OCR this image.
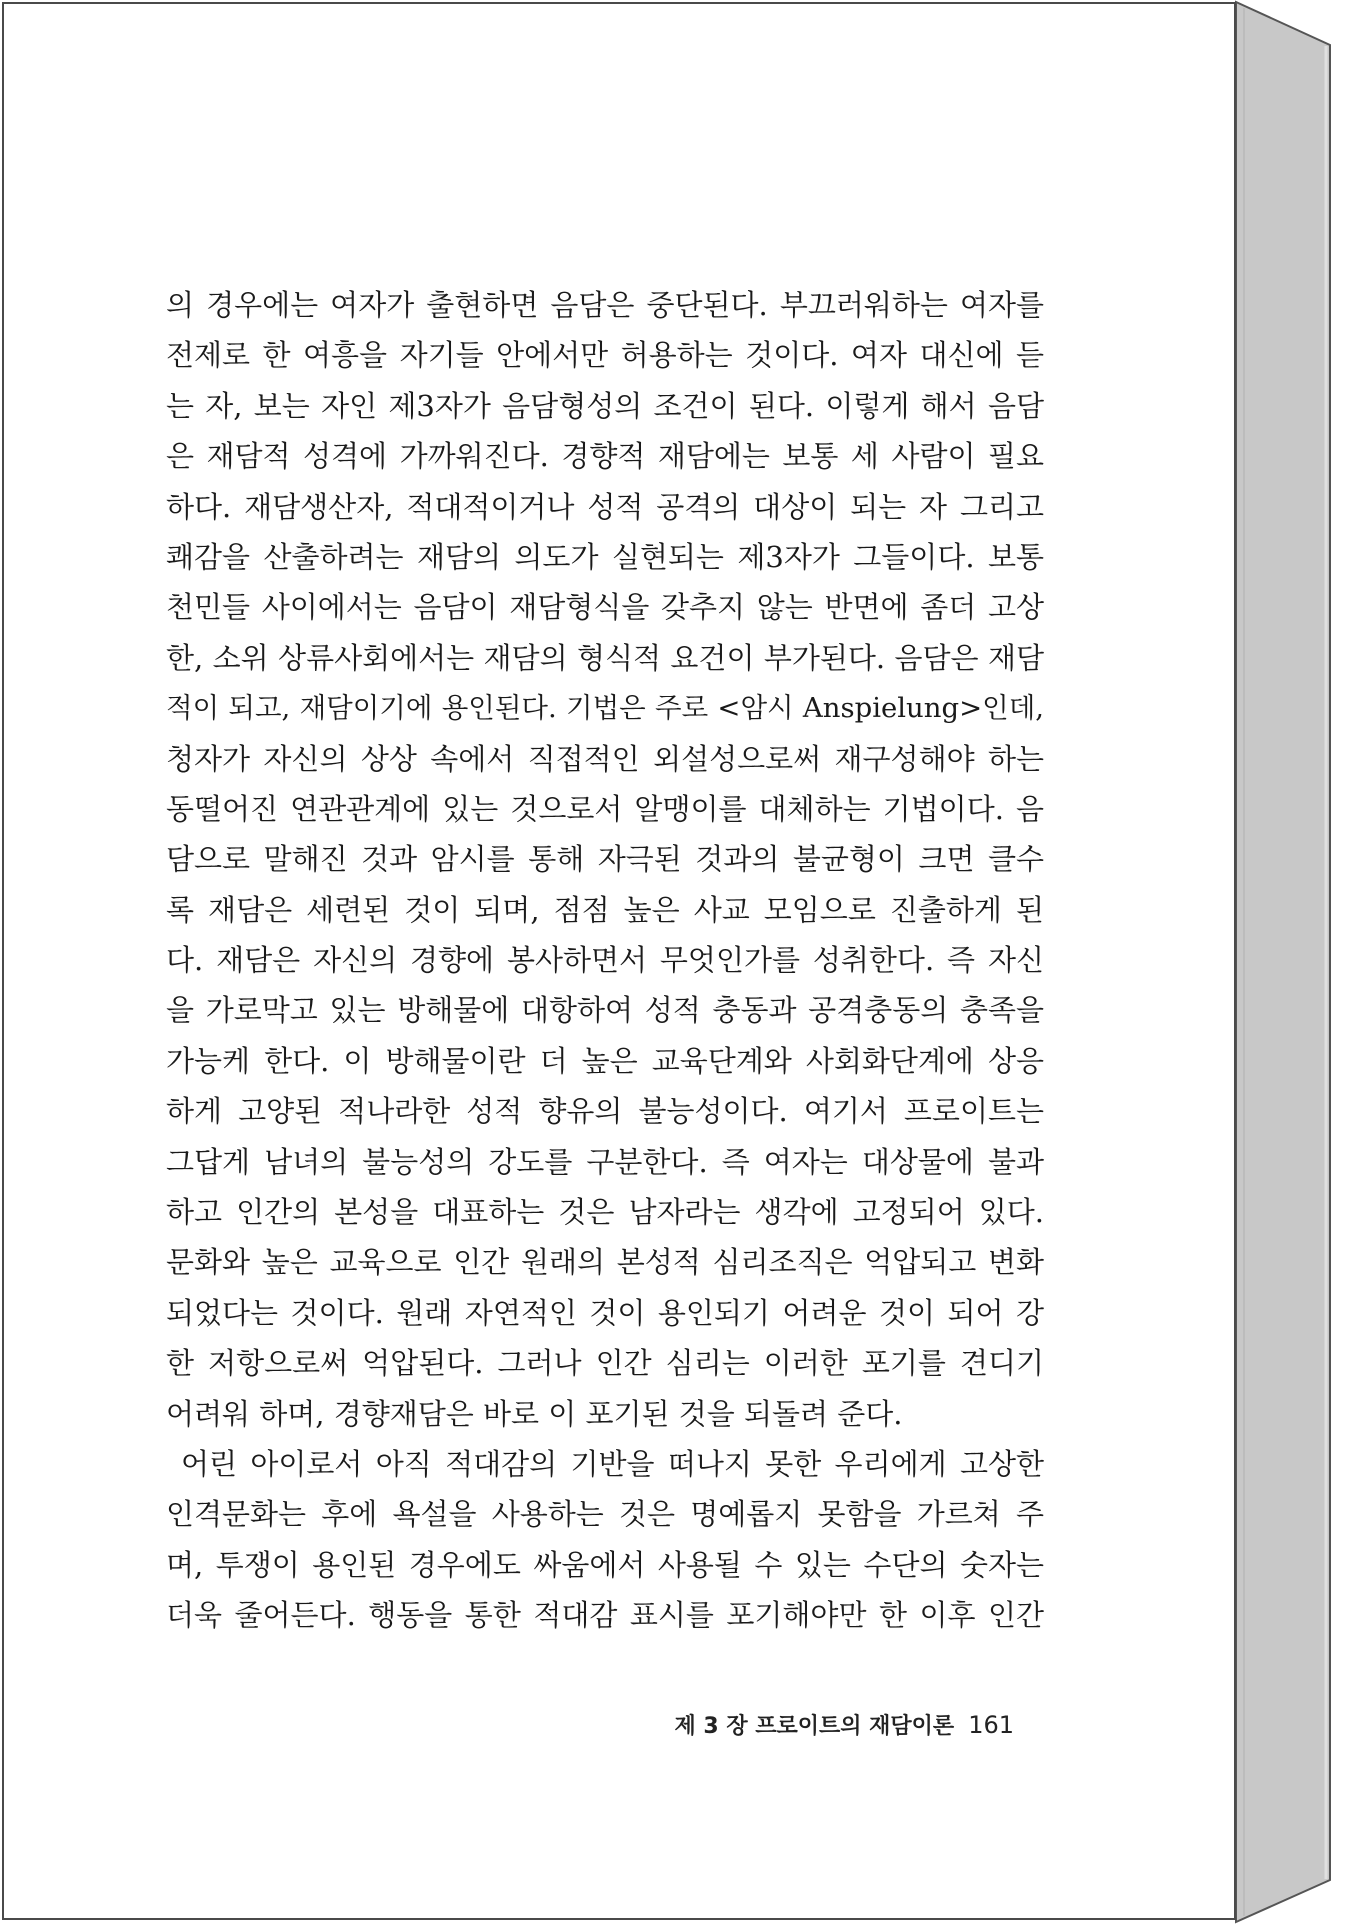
의 경우에는 여자가 출현하면 음담은 중단된다. 부끄러워하는 여자를
전제로 한 여흥을 자기들 안에서만 허용하는 것이다. 여자 대신에 듣
는 자, 보는 자인 제3자가 음담형성의 조건이 된다. 이렇게 해서 음담
은 재담적 성격에 가까워진다. 경향적 재담에는 보통 세 사람이 필요
하다. 재담생산자, 적대적이거나 성적 공격의 대상이 되는 자 그리고
쾌감을 산출하려는 재담의 의도가 실현되는 제3자가 그들이다. 보통
천민들 사이에서는 음담이 재담형식을 갖추지 않는 반면에 좀더 고상
한, 소위 상류사회에서는 재담의 형식적 요건이 부가된다. 음담은 재담
적이 되고, 재담이기에 용인된다. 기법은 주로 <암시 Anspielung>인데,
청자가 자신의 상상 속에서 직접적인 외설성으로써 재구성해야 하는
동떨어진 연관관계에 있는 것으로서 알맹이를 대체하는 기법이다. 음
담으로 말해진 것과 암시를 통해 자극된 것과의 불균형이 크면 클수
록 재담은 세련된 것이 되며, 점점 높은 사교 모임으로 진출하게 된
다. 재담은 자신의 경향에 봉사하면서 무엇인가를 성취한다. 즉 자신
을 가로막고 있는 방해물에 대항하여 성적 충동과 공격충동의 충족을
가능케 한다. 이 방해물이란 더 높은 교육단계와 사회화단계에 상응
하게 고양된 적나라한 성적 향유의 불능성이다. 여기서 프로이트는
그답게 남녀의 불능성의 강도를 구분한다. 즉 여자는 대상물에 불과
하고 인간의 본성을 대표하는 것은 남자라는 생각에 고정되어 있다.
문화와 높은 교육으로 인간 원래의 본성적 심리조직은 억압되고 변화
되었다는 것이다. 원래 자연적인 것이 용인되기 어려운 것이 되어 강
한 저항으로써 억압된다. 그러나 인간 심리는 이러한 포기를 견디기
어려워 하며, 경향재담은 바로 이 포기된 것을 되돌려 준다.
어린 아이로서 아직 적대감의 기반을 떠나지 못한 우리에게 고상한
인격문화는 후에 욕설을 사용하는 것은 명예롭지 못함을 가르쳐 주
며, 투쟁이 용인된 경우에도 싸움에서 사용될 수 있는 수단의 숫자는
더욱 줄어든다. 행동을 통한 적대감 표시를 포기해야만 한 이후 인간
제 3 장 프로이트의 재담이론 161
